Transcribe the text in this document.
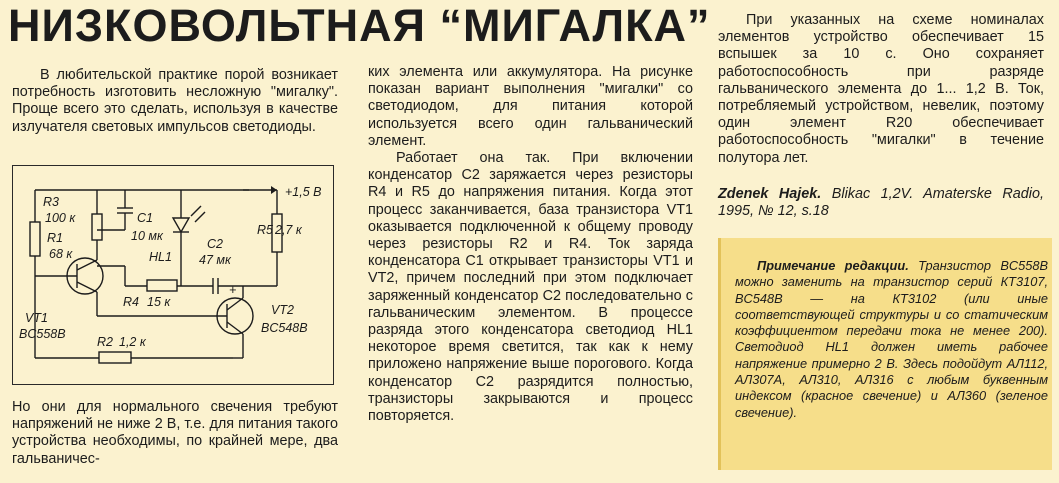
НИЗКОВОЛЬТНАЯ “МИГАЛКА”

В любительской практике порой возникает потребность изготовить несложную "мигалку". Проще всего это сделать, используя в качестве излучателя световых импульсов светодиоды.

+1,5 В
R3
100 к
R1
68 к
C1
10 мк
HL1
C2
47 мк
R5 2,7 к
R4 15 к
+
VT1
BC558B
VT2
BC548B
R2 1,2 к

Но они для нормального свечения требуют напряжений не ниже 2 В, т.е. для питания такого устройства необходимы, по крайней мере, два гальваничес-

ких элемента или аккумулятора. На рисунке показан вариант выполнения "мигалки" со светодиодом, для питания которой используется всего один гальванический элемент.

Работает она так. При включении конденсатор С2 заряжается через резисторы R4 и R5 до напряжения питания. Когда этот процесс заканчивается, база транзистора VT1 оказывается подключенной к общему проводу через резисторы R2 и R4. Ток заряда конденсатора С1 открывает транзисторы VT1 и VT2, причем последний при этом подключает заряженный конденсатор С2 последовательно с гальваническим элементом. В процессе разряда этого конденсатора светодиод HL1 некоторое время светится, так как к нему приложено напряжение выше порогового. Когда конденсатор С2 разрядится полностью, транзисторы закрываются и процесс повторяется.

При указанных на схеме номиналах элементов устройство обеспечивает 15 вспышек за 10 с. Оно сохраняет работоспособность при разряде гальванического элемента до 1... 1,2 В. Ток, потребляемый устройством, невелик, поэтому один элемент R20 обеспечивает работоспособность "мигалки" в течение полутора лет.

Zdenek Hajek. Blikac 1,2V. Amaterske Radio, 1995, № 12, s.18

Примечание редакции. Транзистор BC558B можно заменить на транзистор серий КТ3107, BC548B — на КТ3102 (или иные соответствующей структуры и со статическим коэффициентом передачи тока не менее 200). Светодиод HL1 должен иметь рабочее напряжение примерно 2 В. Здесь подойдут АЛ112, АЛ307А, АЛ310, АЛ316 с любым буквенным индексом (красное свечение) и АЛ360 (зеленое свечение).
